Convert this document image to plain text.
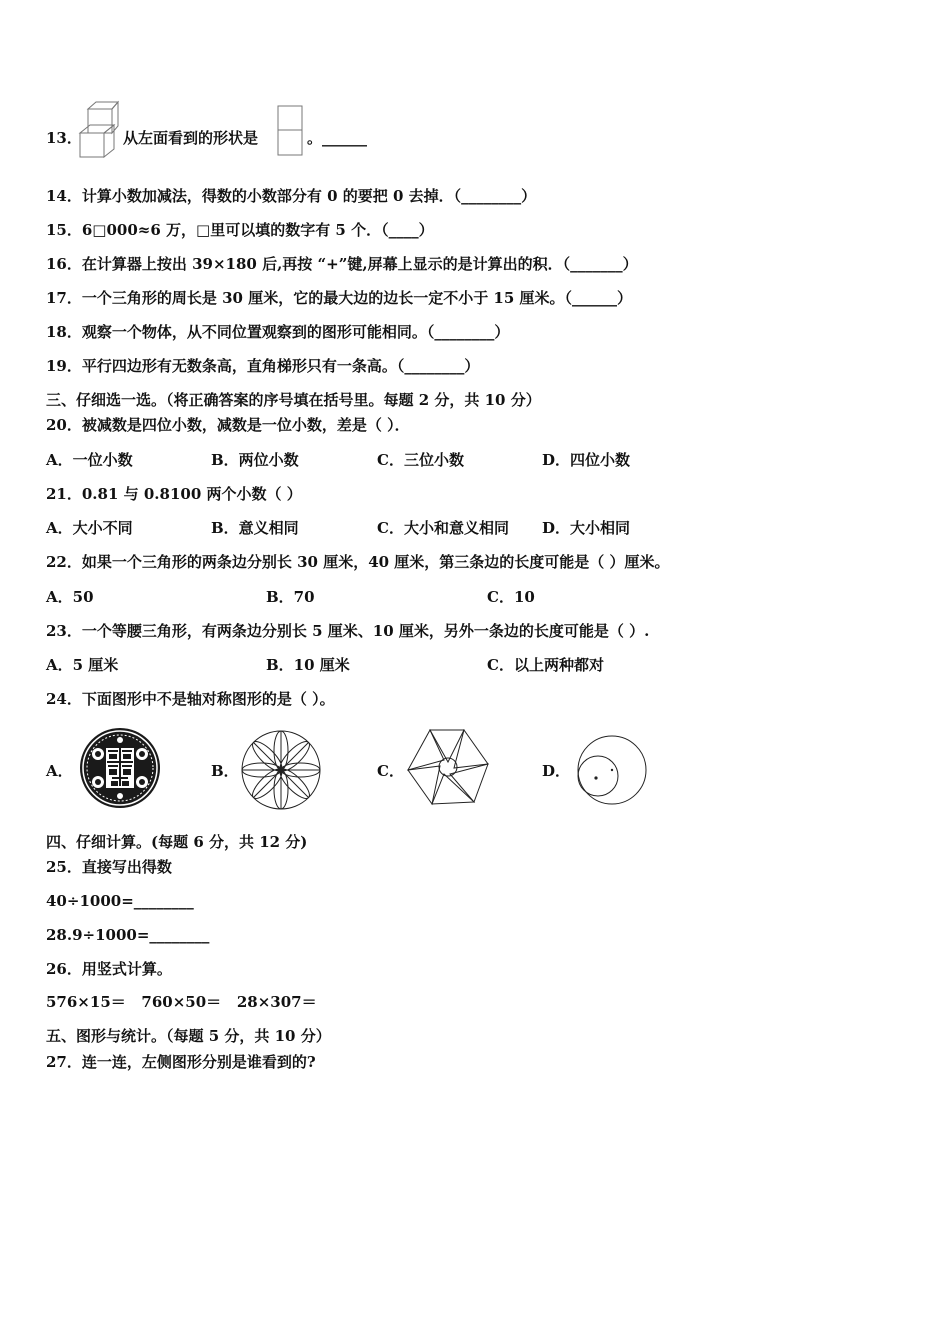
13．	从左面看到的形状是	。______
14．计算小数加减法，得数的小数部分有 0 的要把 0 去掉．（________）
15．6□000≈6 万，□里可以填的数字有 5 个．（____）
16．在计算器上按出 39×180 后,再按 “+”键,屏幕上显示的是计算出的积．（_______）
17．一个三角形的周长是 30 厘米，它的最大边的边长一定不小于 15 厘米。（______）
18．观察一个物体，从不同位置观察到的图形可能相同。（________）
19．平行四边形有无数条高，直角梯形只有一条高。（________）
三、仔细选一选。（将正确答案的序号填在括号里。每题 2 分，共 10 分）
20．被减数是四位小数，减数是一位小数，差是（ ）．
A．一位小数	B．两位小数	C．三位小数	D．四位小数
21．0.81 与 0.8100 两个小数（ ）
A．大小不同	B．意义相同	C．大小和意义相同 D．大小相同
22．如果一个三角形的两条边分别长 30 厘米，40 厘米，第三条边的长度可能是（ ）厘米。
A．50	B．70	C．10
23．一个等腰三角形，有两条边分别长 5 厘米、10 厘米，另外一条边的长度可能是（ ）.
A．5 厘米	B．10 厘米	C．以上两种都对
24．下面图形中不是轴对称图形的是（ ）。
A．	B．	C．	D．
四、仔细计算。(每题 6 分，共 12 分)
25．直接写出得数
40÷1000=________
28.9÷1000=________
26．用竖式计算。
576×15＝   760×50＝   28×307＝
五、图形与统计。（每题 5 分，共 10 分）
27．连一连，左侧图形分别是谁看到的?
